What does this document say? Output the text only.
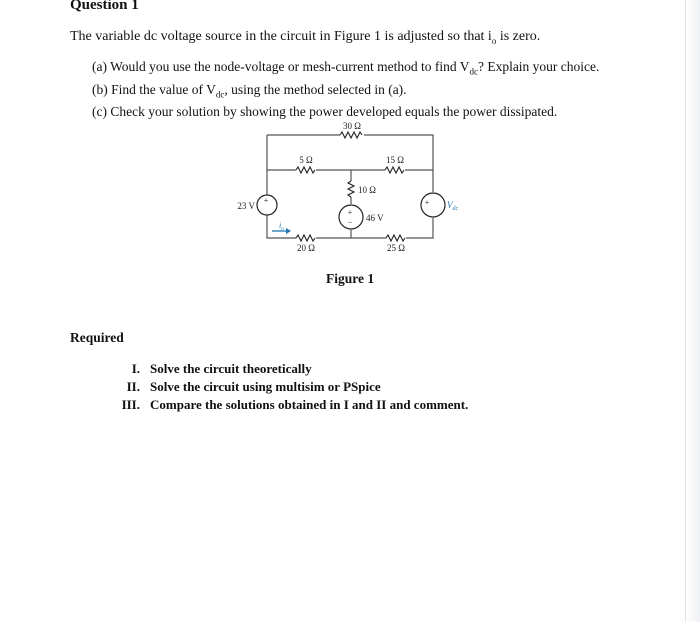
Question 1
The variable dc voltage source in the circuit in Figure 1 is adjusted so that $i_o$ is zero.
(a) Would you use the node-voltage or mesh-current method to find $V_{dc}$? Explain your choice.
(b) Find the value of $V_{dc}$, using the method selected in (a).
(c) Check your solution by showing the power developed equals the power dissipated.
+
+
−
+
30 Ω
5 Ω	15 Ω
10 Ω
20 Ω	25 Ω
23 V
46 V
$V_{dc}$
$i_o$
Figure 1
Required
I. Solve the circuit theoretically
II. Solve the circuit using multisim or PSpice
III. Compare the solutions obtained in I and II and comment.
